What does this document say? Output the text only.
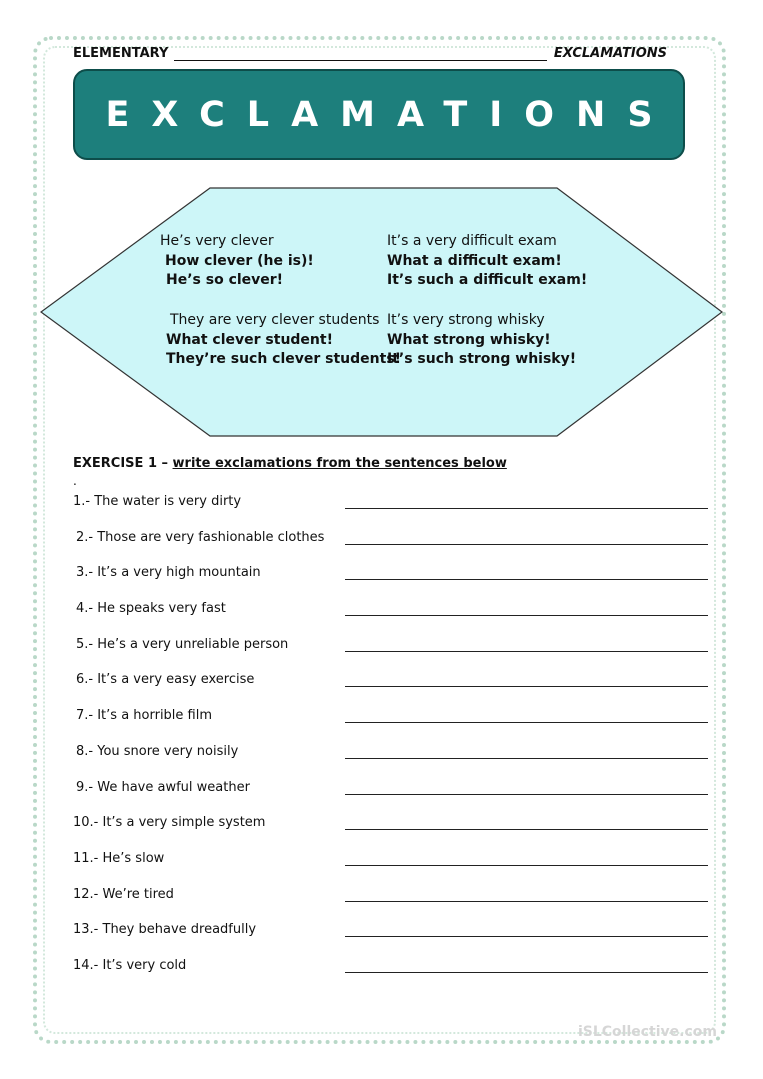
ELEMENTARY	EXCLAMATIONS
EXCLAMATIONS
He’s very clever
How clever (he is)!
He’s so clever!
They are very clever students
What clever student!
They’re such clever students!
It’s a very difficult exam
What a difficult exam!
It’s such a difficult exam!
It’s very strong whisky
What strong whisky!
It’s such strong whisky!
EXERCISE 1 – write exclamations from the sentences below
.
1.- The water is very dirty
2.- Those are very fashionable clothes
3.- It’s a very high mountain
4.- He speaks very fast
5.- He’s a very unreliable person
6.- It’s a very easy exercise
7.- It’s a horrible film
8.- You snore very noisily
9.- We have awful weather
10.- It’s a very simple system
11.- He’s slow
12.- We’re tired
13.- They behave dreadfully
14.- It’s very cold
iSLCollective.com
